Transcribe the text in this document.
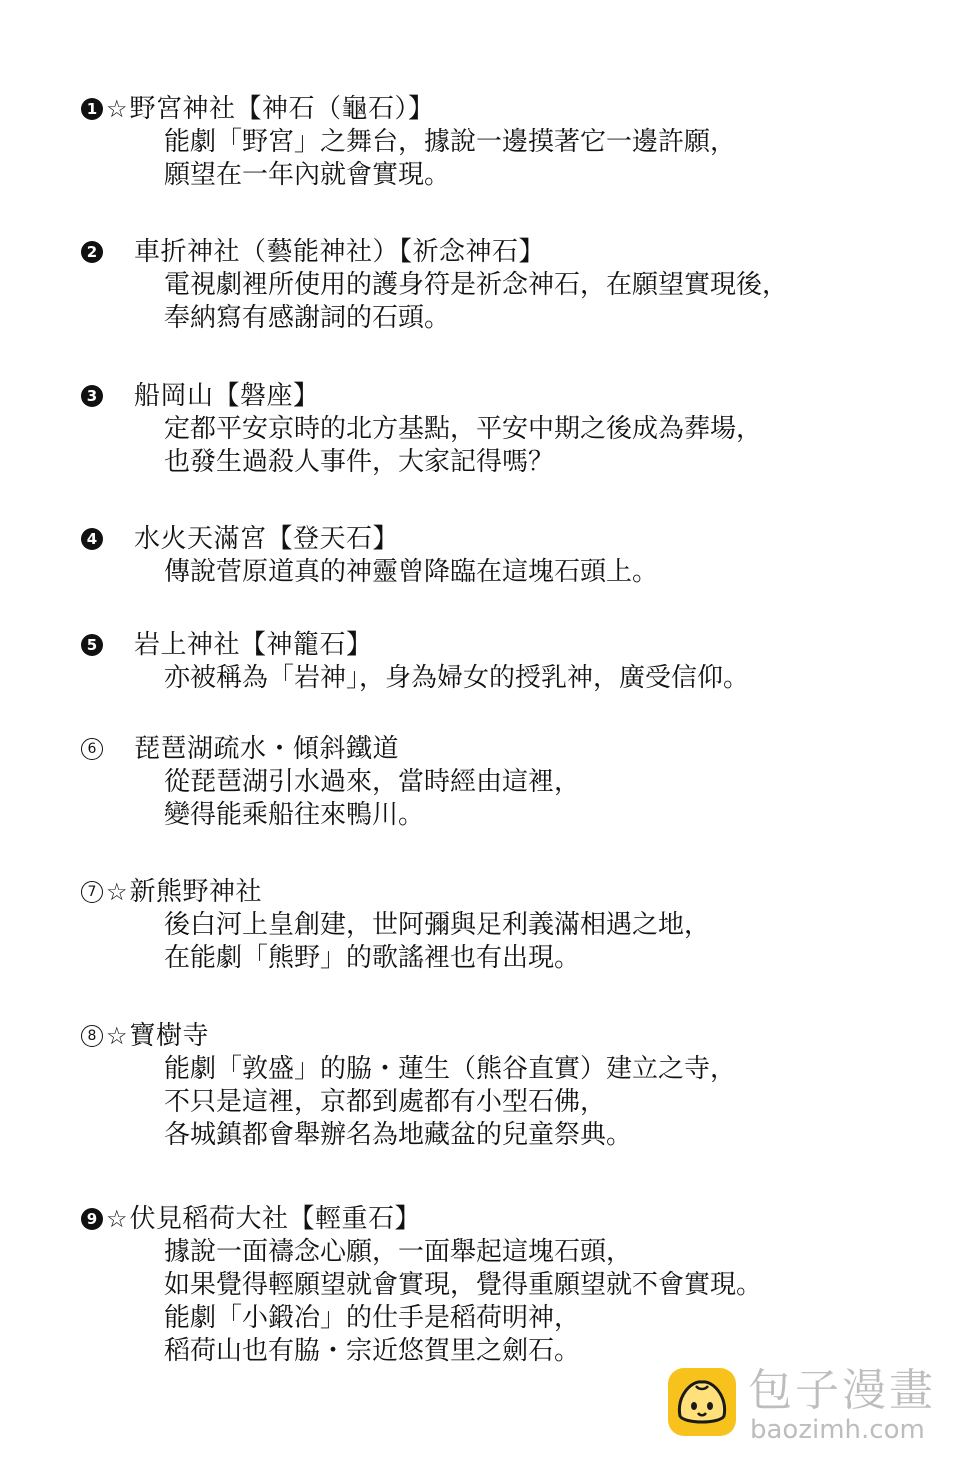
1 ☆ 野宮神社【神石（龜石）】
能劇「野宮」之舞台，據說一邊摸著它一邊許願，
願望在一年內就會實現。
2 車折神社（藝能神社）【祈念神石】
電視劇裡所使用的護身符是祈念神石，在願望實現後，
奉納寫有感謝詞的石頭。
3 船岡山【磐座】
定都平安京時的北方基點，平安中期之後成為葬場，
也發生過殺人事件，大家記得嗎？
4 水火天滿宮【登天石】
傳說菅原道真的神靈曾降臨在這塊石頭上。
5 岩上神社【神籠石】
亦被稱為「岩神」，身為婦女的授乳神，廣受信仰。
6 琵琶湖疏水・傾斜鐵道
從琵琶湖引水過來，當時經由這裡，
變得能乘船往來鴨川。
7 ☆ 新熊野神社
後白河上皇創建，世阿彌與足利義滿相遇之地，
在能劇「熊野」的歌謠裡也有出現。
8 ☆ 寶樹寺
能劇「敦盛」的脇・蓮生（熊谷直實）建立之寺，
不只是這裡，京都到處都有小型石佛，
各城鎮都會舉辦名為地藏盆的兒童祭典。
9 ☆ 伏見稻荷大社【輕重石】
據說一面禱念心願，一面舉起這塊石頭，
如果覺得輕願望就會實現，覺得重願望就不會實現。
能劇「小鍛冶」的仕手是稻荷明神，
稻荷山也有脇・宗近悠賀里之劍石。
包子漫畫
baozimh.com
